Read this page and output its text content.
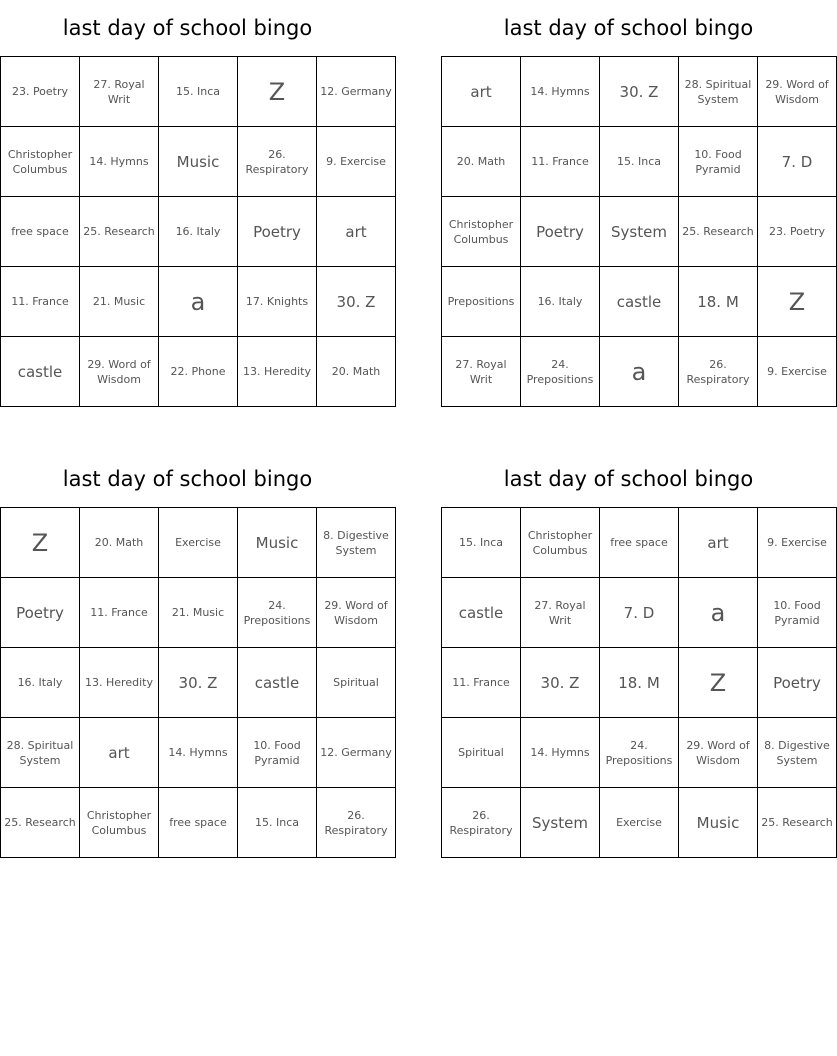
last day of school bingo
23. Poetry	27. Royal Writ	15. Inca	Z	12. Germany
Christopher Columbus	14. Hymns	Music	26. Respiratory	9. Exercise
free space	25. Research	16. Italy	Poetry	art
11. France	21. Music	a	17. Knights	30. Z
castle	29. Word of Wisdom	22. Phone	13. Heredity	20. Math
last day of school bingo
art	14. Hymns	30. Z	28. Spiritual System	29. Word of Wisdom
20. Math	11. France	15. Inca	10. Food Pyramid	7. D
Christopher Columbus	Poetry	System	25. Research	23. Poetry
Prepositions	16. Italy	castle	18. M	Z
27. Royal Writ	24. Prepositions	a	26. Respiratory	9. Exercise
last day of school bingo
Z	20. Math	Exercise	Music	8. Digestive System
Poetry	11. France	21. Music	24. Prepositions	29. Word of Wisdom
16. Italy	13. Heredity	30. Z	castle	Spiritual
28. Spiritual System	art	14. Hymns	10. Food Pyramid	12. Germany
25. Research	Christopher Columbus	free space	15. Inca	26. Respiratory
last day of school bingo
15. Inca	Christopher Columbus	free space	art	9. Exercise
castle	27. Royal Writ	7. D	a	10. Food Pyramid
11. France	30. Z	18. M	Z	Poetry
Spiritual	14. Hymns	24. Prepositions	29. Word of Wisdom	8. Digestive System
26. Respiratory	System	Exercise	Music	25. Research
